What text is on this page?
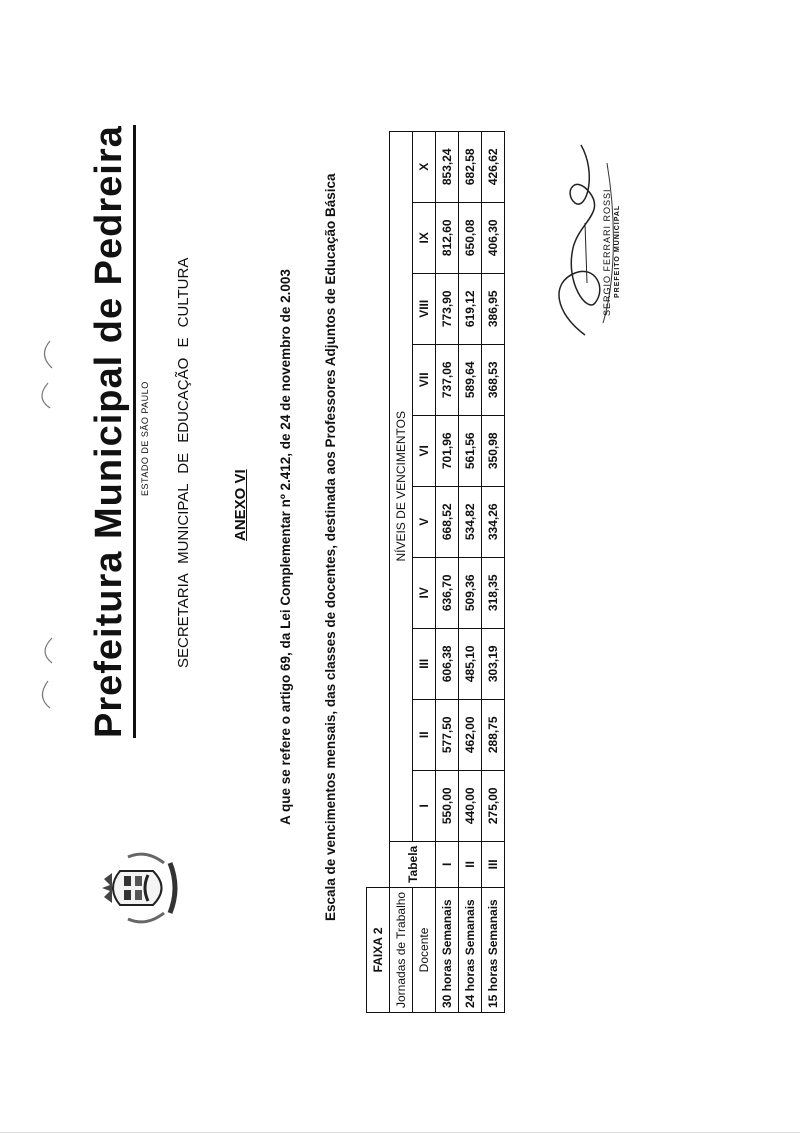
Prefeitura Municipal de Pedreira	ESTADO DE SÃO PAULO SECRETARIA MUNICIPAL DE EDUCAÇÃO E CULTURA	ANEXO VI A que se refere o artigo 69, da Lei Complementar nº 2.412, de 24 de novembro de 2.003 Escala de vencimentos mensais, das classes de docentes, destinada aos Professores Adjuntos de Educação Básica
FAIXA 2											
Jornadas de Trabalho	Tabela	NÍVEIS DE VENCIMENTOS									
Docente		I	II	III	IV	V	VI	VII	VIII	IX	X
30 horas Semanais	I	550,00	577,50	606,38	636,70	668,52	701,96	737,06	773,90	812,60	853,24
24 horas Semanais	II	440,00	462,00	485,10	509,36	534,82	561,56	589,64	619,12	650,08	682,58
15 horas Semanais	III	275,00	288,75	303,19	318,35	334,26	350,98	368,53	386,95	406,30	426,62
SERGIO FERRARI ROSSI PREFEITO MUNICIPAL
